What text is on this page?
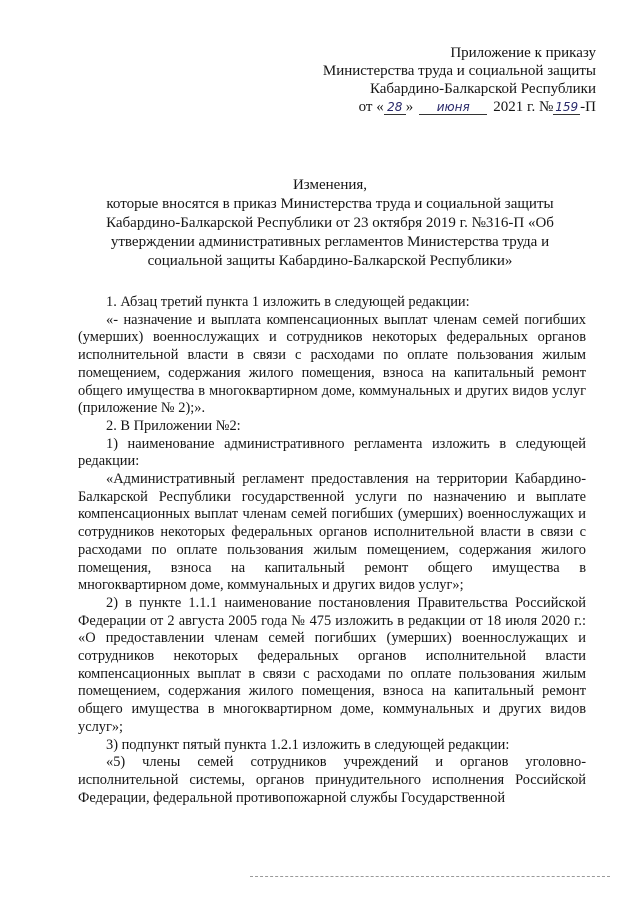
Приложение к приказу
Министерства труда и социальной защиты
Кабардино-Балкарской Республики
от « 28 » июня 2021 г. № 159 -П
Изменения,
которые вносятся в приказ Министерства труда и социальной защиты
Кабардино-Балкарской Республики от 23 октября 2019 г. №316-П «Об
утверждении административных регламентов Министерства труда и
социальной защиты Кабардино-Балкарской Республики»

1. Абзац третий пункта 1 изложить в следующей редакции:

«- назначение и выплата компенсационных выплат членам семей погибших (умерших) военнослужащих и сотрудников некоторых федеральных органов исполнительной власти в связи с расходами по оплате пользования жилым помещением, содержания жилого помещения, взноса на капитальный ремонт общего имущества в многоквартирном доме, коммунальных и других видов услуг (приложение № 2);».

2. В Приложении №2:

1) наименование административного регламента изложить в следующей редакции:

«Административный регламент предоставления на территории Кабардино-Балкарской Республики государственной услуги по назначению и выплате компенсационных выплат членам семей погибших (умерших) военнослужащих и сотрудников некоторых федеральных органов исполнительной власти в связи с расходами по оплате пользования жилым помещением, содержания жилого помещения, взноса на капитальный ремонт общего имущества в многоквартирном доме, коммунальных и других видов услуг»;

2) в пункте 1.1.1 наименование постановления Правительства Российской Федерации от 2 августа 2005 года № 475 изложить в редакции от 18 июля 2020 г.: «О предоставлении членам семей погибших (умерших) военнослужащих и сотрудников некоторых федеральных органов исполнительной власти компенсационных выплат в связи с расходами по оплате пользования жилым помещением, содержания жилого помещения, взноса на капитальный ремонт общего имущества в многоквартирном доме, коммунальных и других видов услуг»;

3) подпункт пятый пункта 1.2.1 изложить в следующей редакции:

«5) члены семей сотрудников учреждений и органов уголовно-исполнительной системы, органов принудительного исполнения Российской Федерации, федеральной противопожарной службы Государственной
